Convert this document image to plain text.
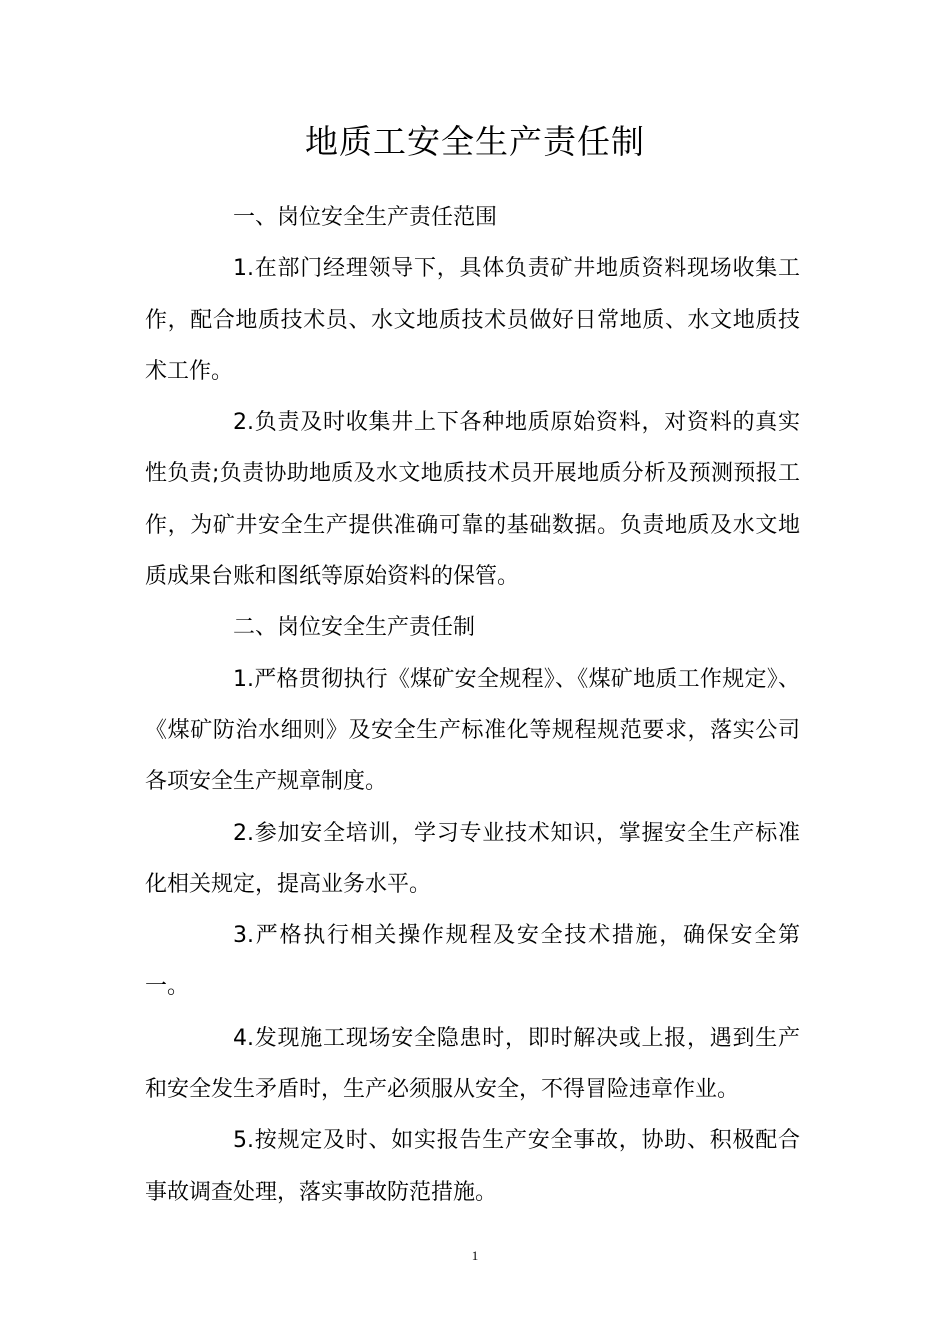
地质工安全生产责任制

一、岗位安全生产责任范围

1.在部门经理领导下，具体负责矿井地质资料现场收集工作，配合地质技术员、水文地质技术员做好日常地质、水文地质技术工作。

2.负责及时收集井上下各种地质原始资料，对资料的真实性负责;负责协助地质及水文地质技术员开展地质分析及预测预报工作，为矿井安全生产提供准确可靠的基础数据。负责地质及水文地质成果台账和图纸等原始资料的保管。

二、岗位安全生产责任制

1.严格贯彻执行《煤矿安全规程》、《煤矿地质工作规定》、《煤矿防治水细则》及安全生产标准化等规程规范要求，落实公司各项安全生产规章制度。

2.参加安全培训，学习专业技术知识，掌握安全生产标准化相关规定，提高业务水平。

3.严格执行相关操作规程及安全技术措施，确保安全第一。

4.发现施工现场安全隐患时，即时解决或上报，遇到生产和安全发生矛盾时，生产必须服从安全，不得冒险违章作业。

5.按规定及时、如实报告生产安全事故，协助、积极配合事故调查处理，落实事故防范措施。

1
